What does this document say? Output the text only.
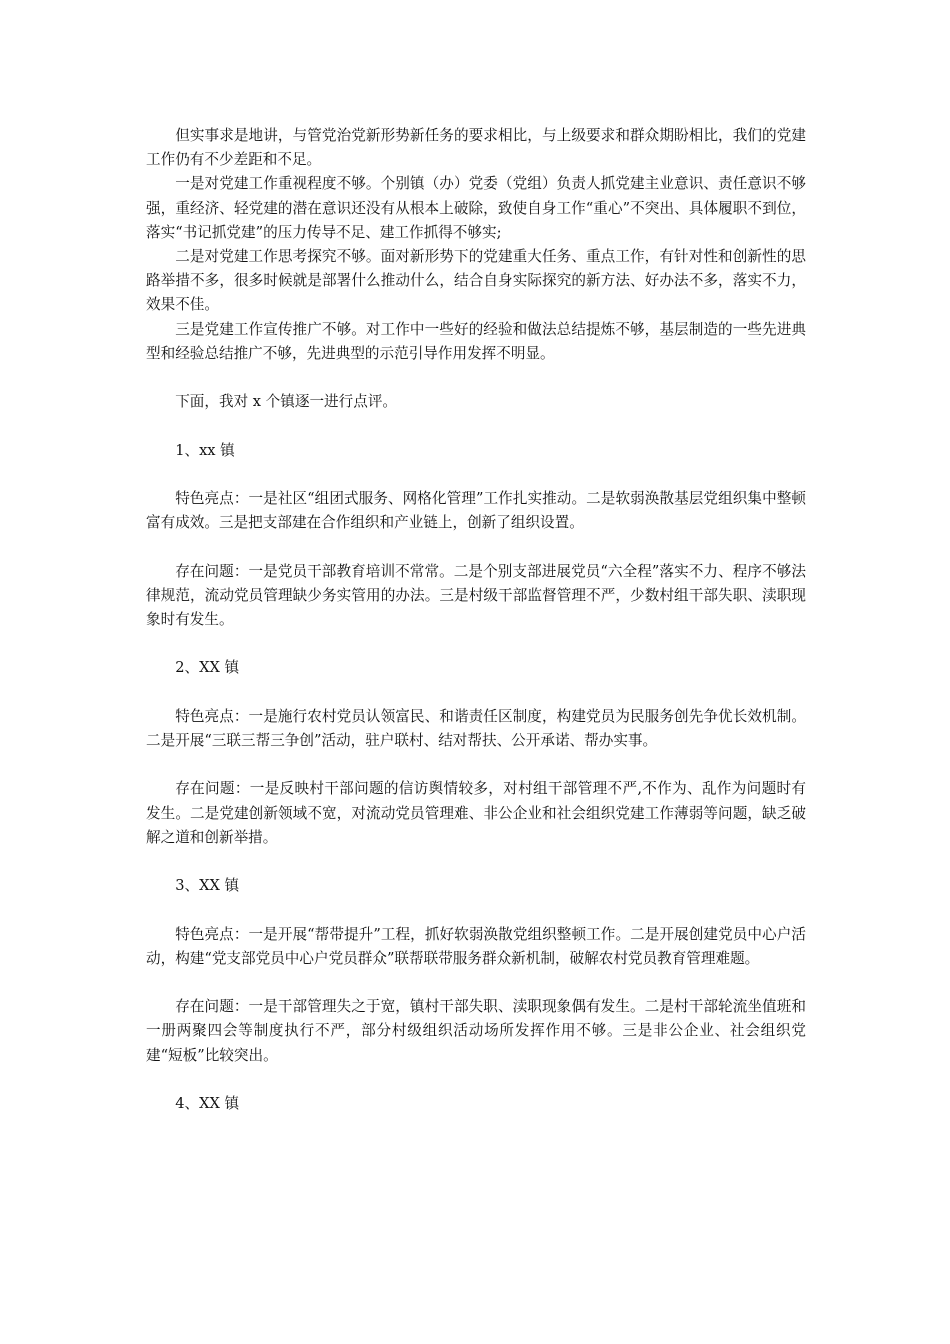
但实事求是地讲，与管党治党新形势新任务的要求相比，与上级要求和群众期盼相比，我们的党建工作仍有不少差距和不足。

一是对党建工作重视程度不够。个别镇（办）党委（党组）负责人抓党建主业意识、责任意识不够强，重经济、轻党建的潜在意识还没有从根本上破除，致使自身工作“重心”不突出、具体履职不到位，落实“书记抓党建”的压力传导不足、建工作抓得不够实;

二是对党建工作思考探究不够。面对新形势下的党建重大任务、重点工作，有针对性和创新性的思路举措不多，很多时候就是部署什么推动什么，结合自身实际探究的新方法、好办法不多，落实不力，效果不佳。

三是党建工作宣传推广不够。对工作中一些好的经验和做法总结提炼不够，基层制造的一些先进典型和经验总结推广不够，先进典型的示范引导作用发挥不明显。

下面，我对 x 个镇逐一进行点评。

1、xx 镇

特色亮点：一是社区“组团式服务、网格化管理”工作扎实推动。二是软弱涣散基层党组织集中整顿富有成效。三是把支部建在合作组织和产业链上，创新了组织设置。

存在问题：一是党员干部教育培训不常常。二是个别支部进展党员“六全程”落实不力、程序不够法律规范，流动党员管理缺少务实管用的办法。三是村级干部监督管理不严，少数村组干部失职、渎职现象时有发生。

2、XX 镇

特色亮点：一是施行农村党员认领富民、和谐责任区制度，构建党员为民服务创先争优长效机制。二是开展“三联三帮三争创”活动，驻户联村、结对帮扶、公开承诺、帮办实事。

存在问题：一是反映村干部问题的信访舆情较多，对村组干部管理不严,不作为、乱作为问题时有发生。二是党建创新领域不宽，对流动党员管理难、非公企业和社会组织党建工作薄弱等问题，缺乏破解之道和创新举措。

3、XX 镇

特色亮点：一是开展“帮带提升”工程，抓好软弱涣散党组织整顿工作。二是开展创建党员中心户活动，构建“党支部党员中心户党员群众”联帮联带服务群众新机制，破解农村党员教育管理难题。

存在问题：一是干部管理失之于宽，镇村干部失职、渎职现象偶有发生。二是村干部轮流坐值班和一册两聚四会等制度执行不严，部分村级组织活动场所发挥作用不够。三是非公企业、社会组织党建“短板”比较突出。

4、XX 镇
